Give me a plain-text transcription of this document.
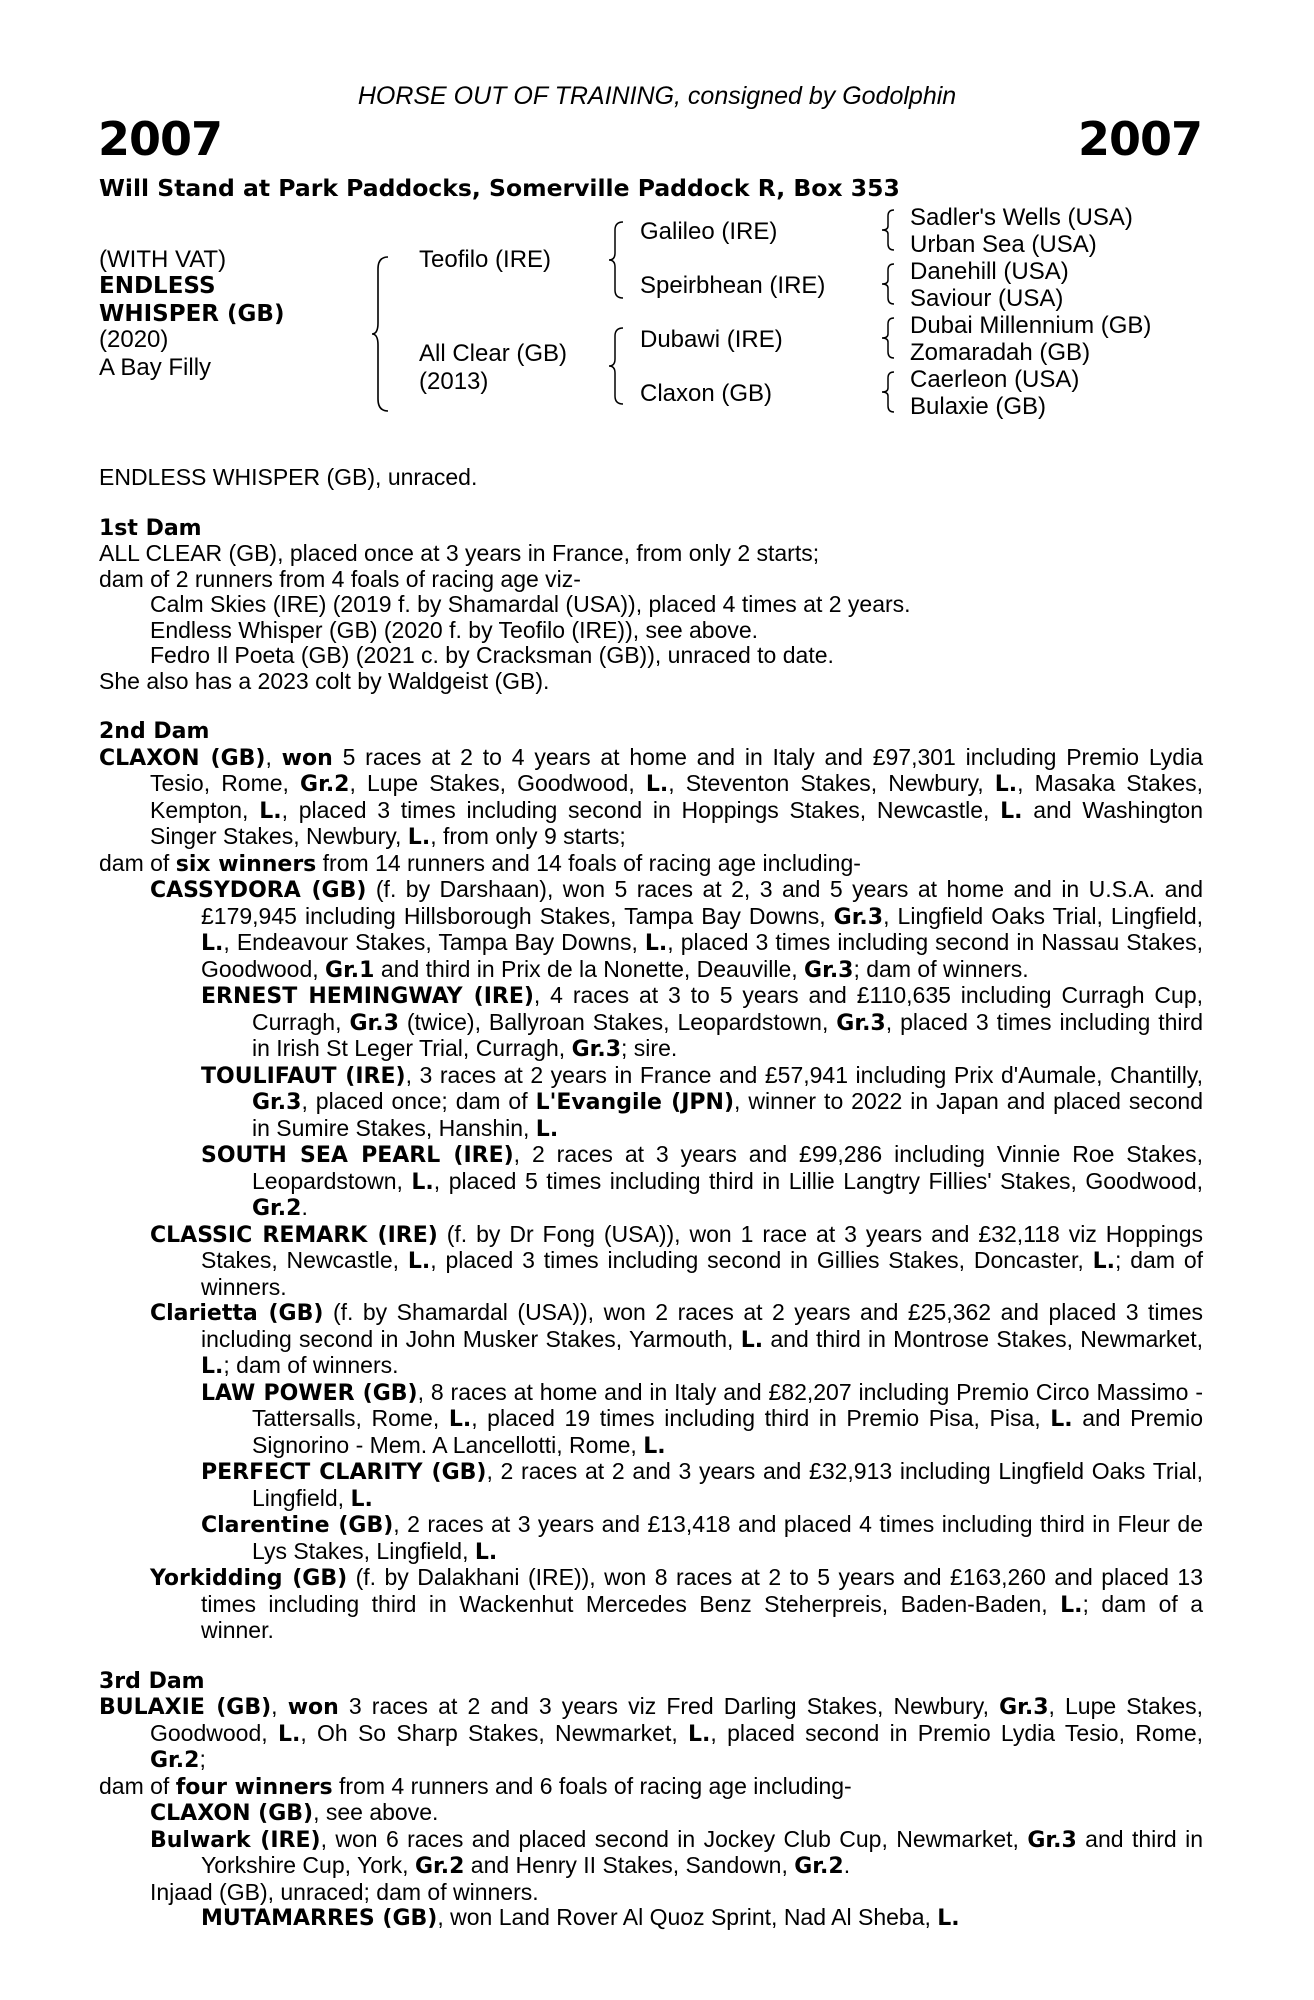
HORSE OUT OF TRAINING, consigned by Godolphin
2007	2007
Will Stand at Park Paddocks, Somerville Paddock R, Box 353
(WITH VAT)
ENDLESS
WHISPER (GB)
(2020)
A Bay Filly
Teofilo (IRE)
All Clear (GB)
(2013)
Galileo (IRE)
Speirbhean (IRE)
Dubawi (IRE)
Claxon (GB)
Sadler's Wells (USA)
Urban Sea (USA)
Danehill (USA)
Saviour (USA)
Dubai Millennium (GB)
Zomaradah (GB)
Caerleon (USA)
Bulaxie (GB)

ENDLESS WHISPER (GB), unraced.

1st Dam

ALL CLEAR (GB), placed once at 3 years in France, from only 2 starts;

dam of 2 runners from 4 foals of racing age viz-

Calm Skies (IRE) (2019 f. by Shamardal (USA)), placed 4 times at 2 years.

Endless Whisper (GB) (2020 f. by Teofilo (IRE)), see above.

Fedro Il Poeta (GB) (2021 c. by Cracksman (GB)), unraced to date.

She also has a 2023 colt by Waldgeist (GB).

2nd Dam

CLAXON (GB), won 5 races at 2 to 4 years at home and in Italy and £97,301 including Premio Lydia Tesio, Rome, Gr.2, Lupe Stakes, Goodwood, L., Steventon Stakes, Newbury, L., Masaka Stakes, Kempton, L., placed 3 times including second in Hoppings Stakes, Newcastle, L. and Washington Singer Stakes, Newbury, L., from only 9 starts;

dam of six winners from 14 runners and 14 foals of racing age including-

CASSYDORA (GB) (f. by Darshaan), won 5 races at 2, 3 and 5 years at home and in U.S.A. and £179,945 including Hillsborough Stakes, Tampa Bay Downs, Gr.3, Lingfield Oaks Trial, Lingfield, L., Endeavour Stakes, Tampa Bay Downs, L., placed 3 times including second in Nassau Stakes, Goodwood, Gr.1 and third in Prix de la Nonette, Deauville, Gr.3; dam of winners.

ERNEST HEMINGWAY (IRE), 4 races at 3 to 5 years and £110,635 including Curragh Cup, Curragh, Gr.3 (twice), Ballyroan Stakes, Leopardstown, Gr.3, placed 3 times including third in Irish St Leger Trial, Curragh, Gr.3; sire.

TOULIFAUT (IRE), 3 races at 2 years in France and £57,941 including Prix d'Aumale, Chantilly, Gr.3, placed once; dam of L'Evangile (JPN), winner to 2022 in Japan and placed second in Sumire Stakes, Hanshin, L.

SOUTH SEA PEARL (IRE), 2 races at 3 years and £99,286 including Vinnie Roe Stakes, Leopardstown, L., placed 5 times including third in Lillie Langtry Fillies' Stakes, Goodwood, Gr.2.

CLASSIC REMARK (IRE) (f. by Dr Fong (USA)), won 1 race at 3 years and £32,118 viz Hoppings Stakes, Newcastle, L., placed 3 times including second in Gillies Stakes, Doncaster, L.; dam of winners.

Clarietta (GB) (f. by Shamardal (USA)), won 2 races at 2 years and £25,362 and placed 3 times including second in John Musker Stakes, Yarmouth, L. and third in Montrose Stakes, Newmarket, L.; dam of winners.

LAW POWER (GB), 8 races at home and in Italy and £82,207 including Premio Circo Massimo - Tattersalls, Rome, L., placed 19 times including third in Premio Pisa, Pisa, L. and Premio Signorino - Mem. A Lancellotti, Rome, L.

PERFECT CLARITY (GB), 2 races at 2 and 3 years and £32,913 including Lingfield Oaks Trial, Lingfield, L.

Clarentine (GB), 2 races at 3 years and £13,418 and placed 4 times including third in Fleur de Lys Stakes, Lingfield, L.

Yorkidding (GB) (f. by Dalakhani (IRE)), won 8 races at 2 to 5 years and £163,260 and placed 13 times including third in Wackenhut Mercedes Benz Steherpreis, Baden-Baden, L.; dam of a winner.

3rd Dam

BULAXIE (GB), won 3 races at 2 and 3 years viz Fred Darling Stakes, Newbury, Gr.3, Lupe Stakes, Goodwood, L., Oh So Sharp Stakes, Newmarket, L., placed second in Premio Lydia Tesio, Rome, Gr.2;

dam of four winners from 4 runners and 6 foals of racing age including-

CLAXON (GB), see above.

Bulwark (IRE), won 6 races and placed second in Jockey Club Cup, Newmarket, Gr.3 and third in Yorkshire Cup, York, Gr.2 and Henry II Stakes, Sandown, Gr.2.

Injaad (GB), unraced; dam of winners.

MUTAMARRES (GB), won Land Rover Al Quoz Sprint, Nad Al Sheba, L.
